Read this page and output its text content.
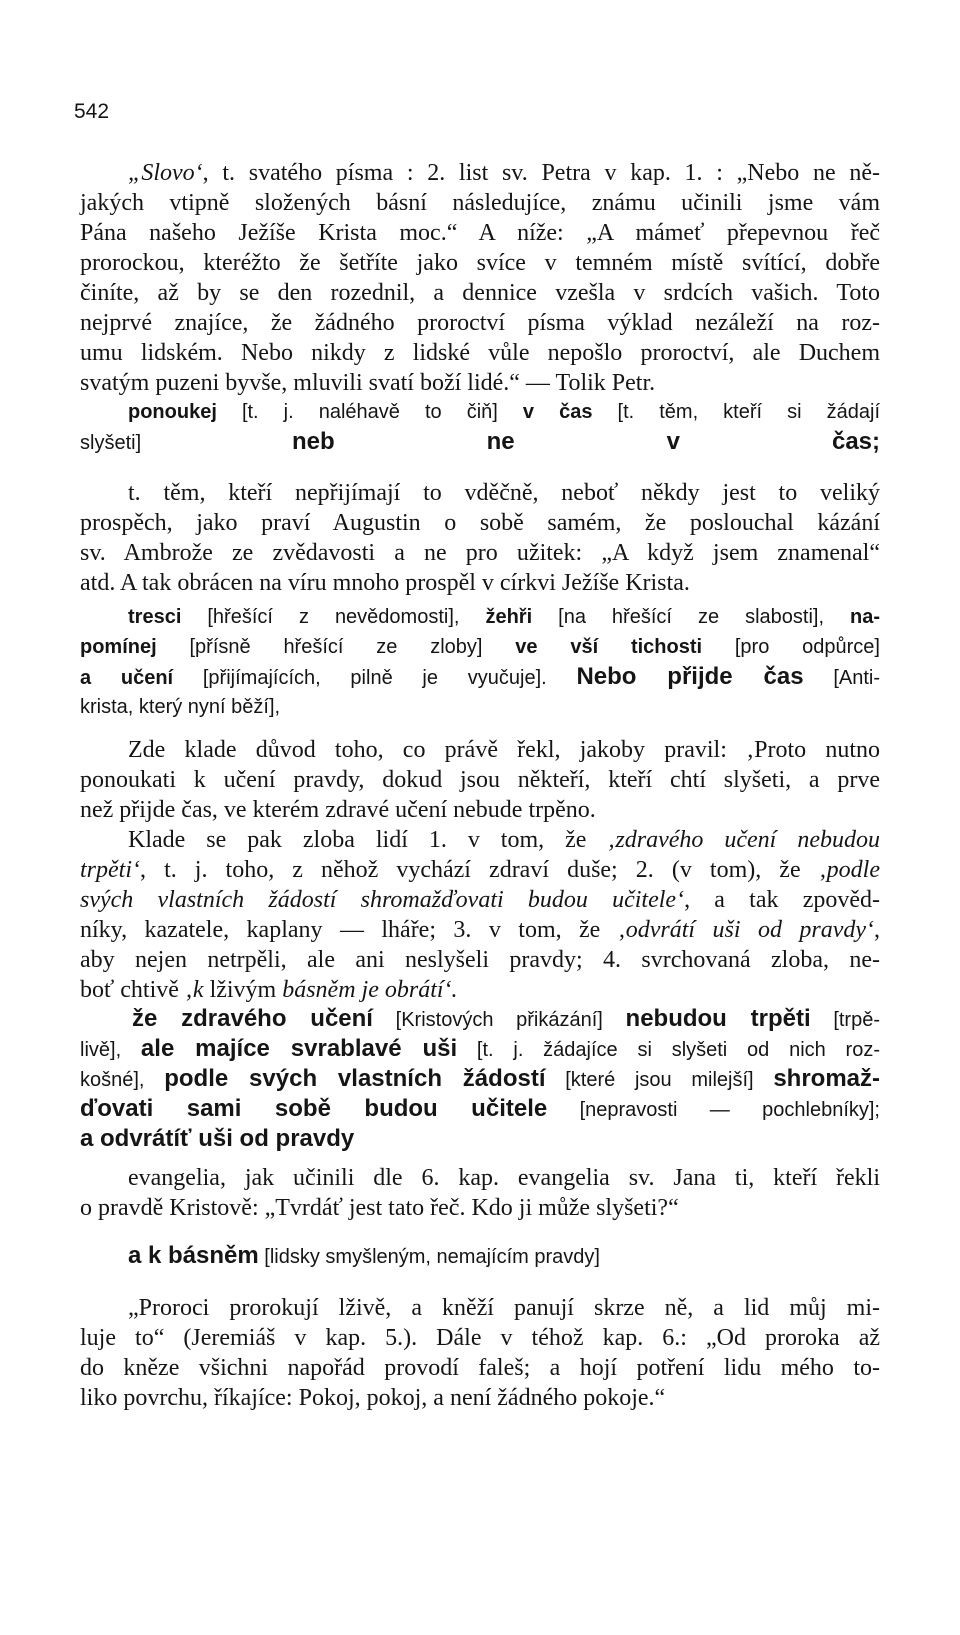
542
„Slovo‘, t. svatého písma : 2. list sv. Petra v kap. 1. : „Nebo ne ně-
jakých vtipně složených básní následujíce, známu učinili jsme vám
Pána našeho Ježíše Krista moc.“ A níže: „A mámeť přepevnou řeč
prorockou, kteréžto že šetříte jako svíce v temném místě svítící, dobře
činíte, až by se den rozednil, a dennice vzešla v srdcích vašich. Toto
nejprvé znajíce, že žádného proroctví písma výklad nezáleží na roz-
umu lidském. Nebo nikdy z lidské vůle nepošlo proroctví, ale Duchem
svatým puzeni byvše, mluvili svatí boží lidé.“ — Tolik Petr.
ponoukej [t. j. naléhavě to čiň] v čas [t. těm, kteří si žádají
slyšeti] neb ne v čas;
t. těm, kteří nepřijímají to vděčně, neboť někdy jest to veliký
prospěch, jako praví Augustin o sobě samém, že poslouchal kázání
sv. Ambrože ze zvědavosti a ne pro užitek: „A když jsem znamenal“
atd. A tak obrácen na víru mnoho prospěl v církvi Ježíše Krista.
tresci [hřešící z nevědomosti], žehři [na hřešící ze slabosti], na-
pomínej [přísně hřešící ze zloby] ve vší tichosti [pro odpůrce]
a učení [přijímajících, pilně je vyučuje]. Nebo přijde čas [Anti-
krista, který nyní běží],
Zde klade důvod toho, co právě řekl, jakoby pravil: ‚Proto nutno
ponoukati k učení pravdy, dokud jsou někteří, kteří chtí slyšeti, a prve
než přijde čas, ve kterém zdravé učení nebude trpěno.
Klade se pak zloba lidí 1. v tom, že ‚zdravého učení nebudou
trpěti‘, t. j. toho, z něhož vychází zdraví duše; 2. (v tom), že ‚podle
svých vlastních žádostí shromažďovati budou učitele‘, a tak zpověd-
níky, kazatele, kaplany — lháře; 3. v tom, že ‚odvrátí uši od pravdy‘,
aby nejen netrpěli, ale ani neslyšeli pravdy; 4. svrchovaná zloba, ne-
boť chtivě ‚k lživým básněm je obrátí‘.
že zdravého učení [Kristových přikázání] nebudou trpěti [trpě-
livě], ale majíce svrablavé uši [t. j. žádajíce si slyšeti od nich roz-
košné], podle svých vlastních žádostí [které jsou milejší] shromaž-
ďovati sami sobě budou učitele [nepravosti — pochlebníky];
a odvrátíť uši od pravdy
evangelia, jak učinili dle 6. kap. evangelia sv. Jana ti, kteří řekli
o pravdě Kristově: „Tvrdáť jest tato řeč. Kdo ji může slyšeti?“
a k básněm [lidsky smyšleným, nemajícím pravdy]
„Proroci prorokují lživě, a kněží panují skrze ně, a lid můj mi-
luje to“ (Jeremiáš v kap. 5.). Dále v téhož kap. 6.: „Od proroka až
do kněze všichni napořád provodí faleš; a hojí potření lidu mého to-
liko povrchu, říkajíce: Pokoj, pokoj, a není žádného pokoje.“
